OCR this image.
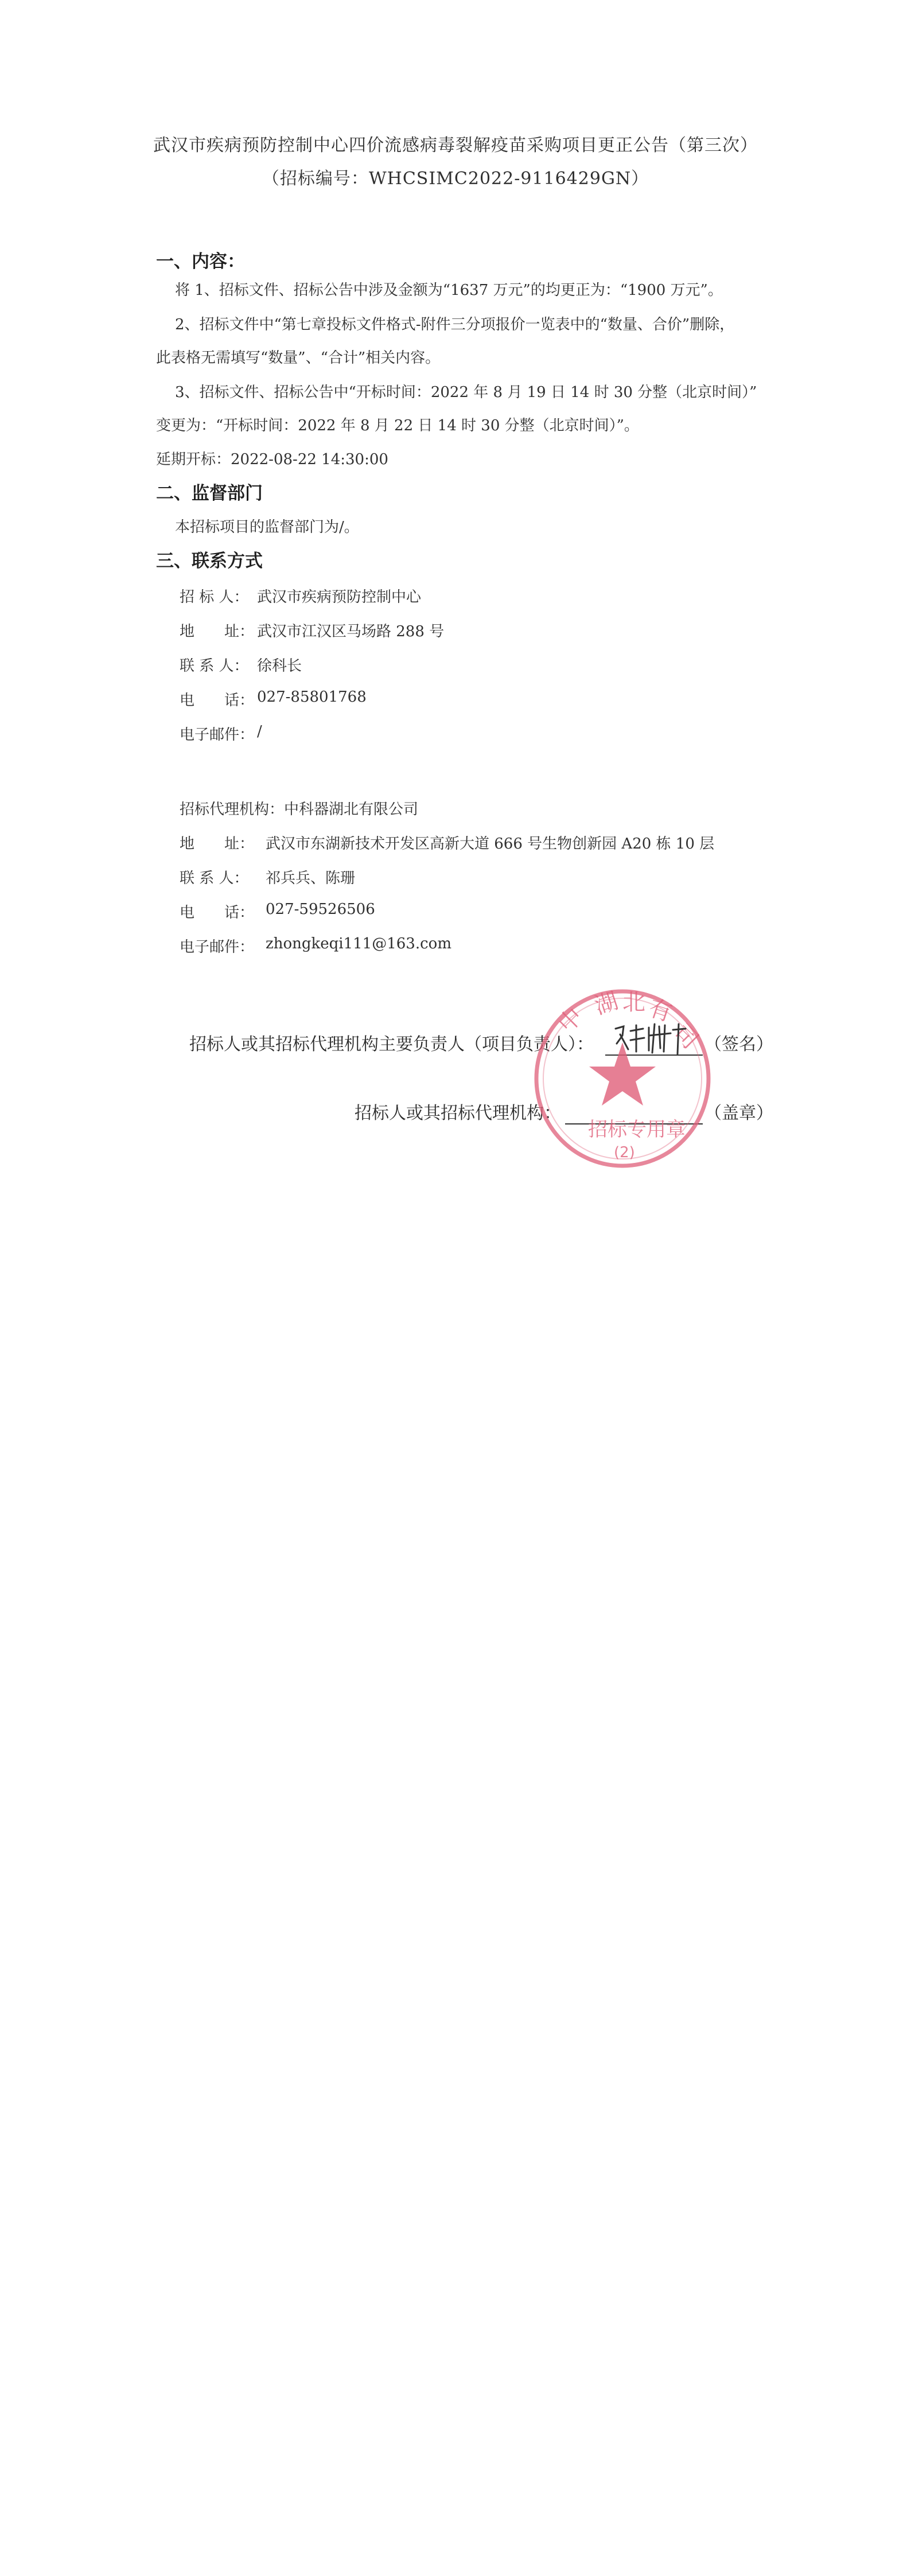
武汉市疾病预防控制中心四价流感病毒裂解疫苗采购项目更正公告（第三次）
（招标编号：WHCSIMC2022-9116429GN）
一、内容：
将 1、招标文件、招标公告中涉及金额为“1637 万元”的均更正为：“1900 万元”。
2、招标文件中“第七章投标文件格式-附件三分项报价一览表中的“数量、合价”删除，
此表格无需填写“数量”、“合计”相关内容。
3、招标文件、招标公告中“开标时间：2022 年 8 月 19 日 14 时 30 分整（北京时间）”
变更为：“开标时间：2022 年 8 月 22 日 14 时 30 分整（北京时间）”。
延期开标：2022-08-22 14:30:00
二、监督部门
本招标项目的监督部门为/。
三、联系方式
招 标 人： 武汉市疾病预防控制中心
地　　址： 武汉市江汉区马场路 288 号
联 系 人： 徐科长
电　　话： 027-85801768
电子邮件： /
招标代理机构： 中科器湖北有限公司
地　　址： 武汉市东湖新技术开发区高新大道 666 号生物创新园 A20 栋 10 层
联 系 人： 祁兵兵、陈珊
电　　话： 027-59526506
电子邮件： zhongkeqi111@163.com
招标人或其招标代理机构主要负责人（项目负责人）：	（签名）
招标人或其招标代理机构：	（盖章）
中 湖 北 有
司
招标专用章
(2)
